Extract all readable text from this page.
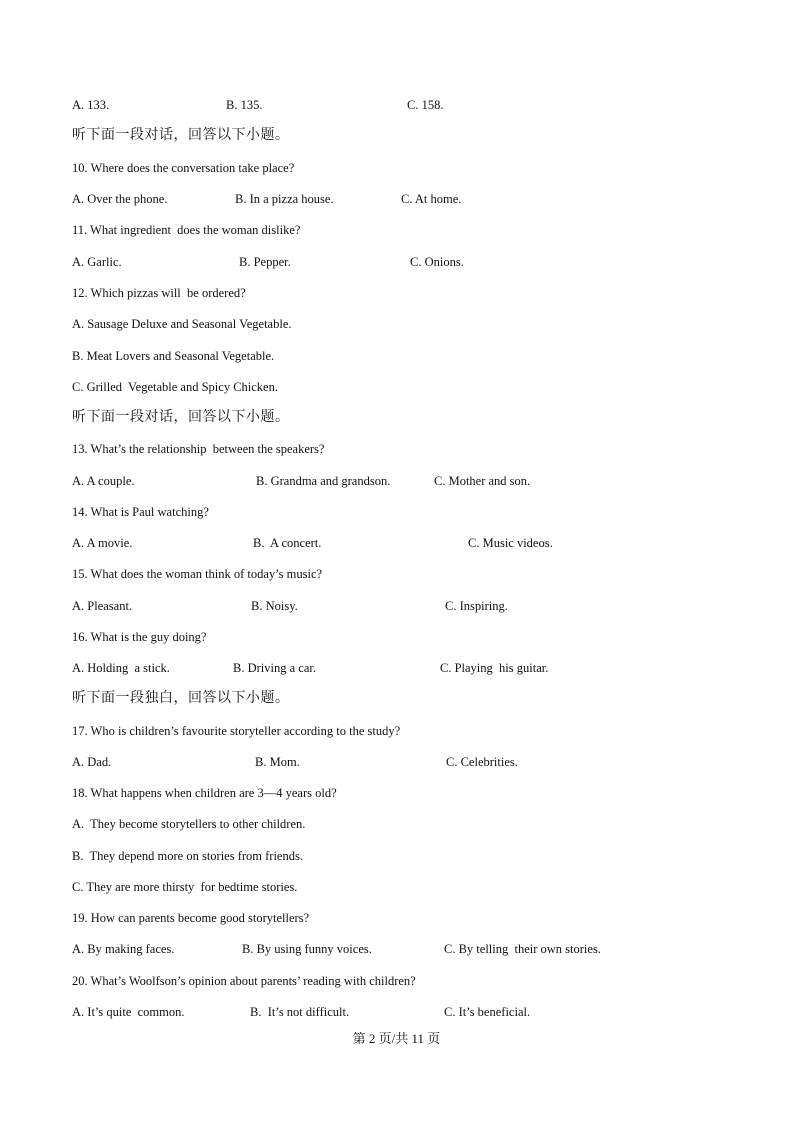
A. 133.	B. 135.	C. 158.
听下面一段对话，回答以下小题。
10. Where does the conversation take place?
A. Over the phone.	B. In a pizza house.	C. At home.
11. What ingredient  does the woman dislike?
A. Garlic.	B. Pepper.	C. Onions.
12. Which pizzas will  be ordered?
A. Sausage Deluxe and Seasonal Vegetable.
B. Meat Lovers and Seasonal Vegetable.
C. Grilled  Vegetable and Spicy Chicken.
听下面一段对话，回答以下小题。
13. What’s the relationship  between the speakers?
A. A couple.	B. Grandma and grandson.	C. Mother and son.
14. What is Paul watching?
A. A movie.	B.  A concert.	C. Music videos.
15. What does the woman think of today’s music?
A. Pleasant.	B. Noisy.	C. Inspiring.
16. What is the guy doing?
A. Holding  a stick.	B. Driving a car.	C. Playing  his guitar.
听下面一段独白，回答以下小题。
17. Who is children’s favourite storyteller according to the study?
A. Dad.	B. Mom.	C. Celebrities.
18. What happens when children are 3—4 years old?
A.  They become storytellers to other children.
B.  They depend more on stories from friends.
C. They are more thirsty  for bedtime stories.
19. How can parents become good storytellers?
A. By making faces.	B. By using funny voices.	C. By telling  their own stories.
20. What’s Woolfson’s opinion about parents’ reading with children?
A. It’s quite  common.	B.  It’s not difficult.	C. It’s beneficial.
第 2 页/共 11 页
